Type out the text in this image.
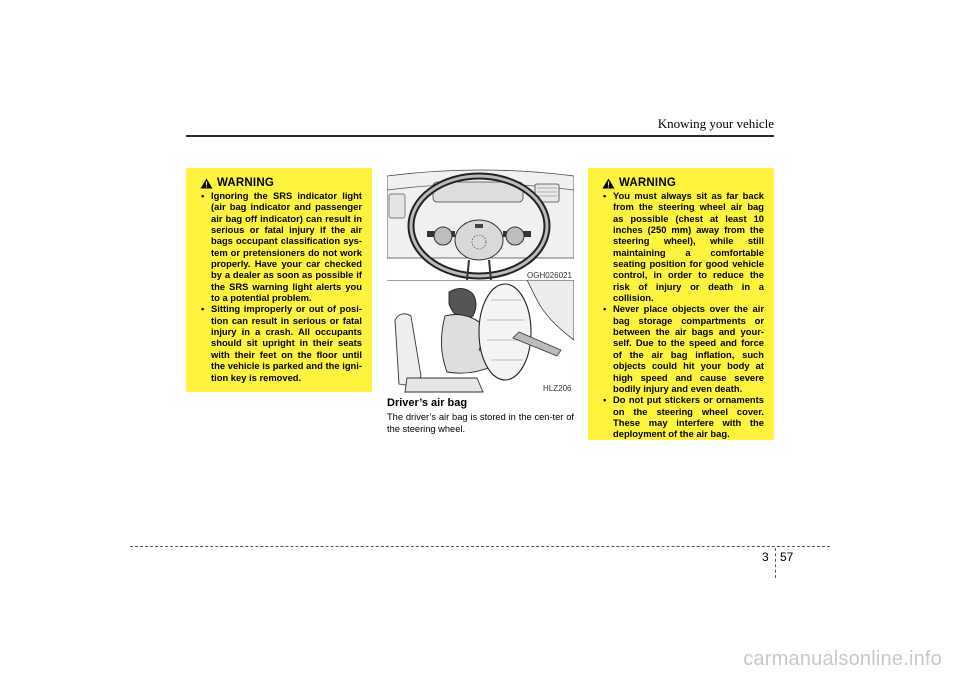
Knowing your vehicle
WARNING
• Ignoring the SRS indicator light (air bag indicator and passenger air bag off indicator) can result in serious or fatal injury if the air bags occupant classification sys-tem or pretensioners do not work properly. Have your car checked by a dealer as soon as possible if the SRS warning light alerts you to a potential problem.
• Sitting improperly or out of posi-tion can result in serious or fatal injury in a crash. All occupants should sit upright in their seats with their feet on the floor until the vehicle is parked and the igni-tion key is removed.
OGH026021
HLZ206
Driver’s air bag
The driver’s air bag is stored in the cen-ter of the steering wheel.
WARNING
• You must always sit as far back from the steering wheel air bag as possible (chest at least 10 inches (250 mm) away from the steering wheel), while still maintaining a comfortable seating position for good vehicle control, in order to reduce the risk of injury or death in a collision.
• Never place objects over the air bag storage compartments or between the air bags and your-self. Due to the speed and force of the air bag inflation, such objects could hit your body at high speed and cause severe bodily injury and even death.
• Do not put stickers or ornaments on the steering wheel cover. These may interfere with the deployment of the air bag.
3 57
carmanualsonline.info
